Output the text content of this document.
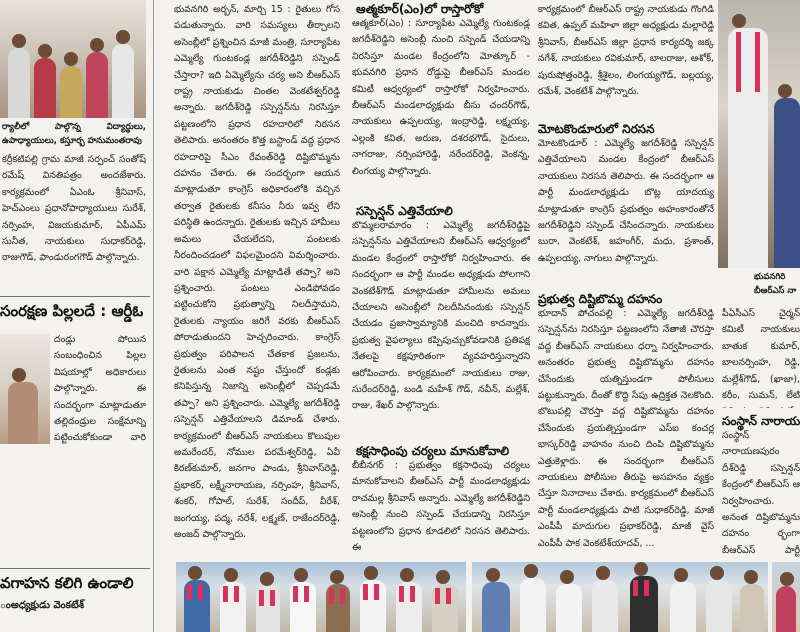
ర్యాలీలో పాల్గొన్న విద్యార్థులు, ఉపాధ్యాయులు, కస్తూర్బ హనుమంతరావు

కర్రీకటిపల్లి గ్రామ మాజీ సర్పంచ్ సంతోష్ రమేష్ వినతిపత్రం అందజేశారు. కార్యక్రమంలో ఏఎంఓ శ్రీనివాస్, హెచ్ఎంలు ప్రధానోపాధ్యాయులు సురేశ్, నర్సింహ, విజయకుమార్, ఏపీఎమ్ సునీత, నాయకులు సుధాకర్‌రెడ్డి, రాజుగౌడ్, పాండురంగగౌడ్ పాల్గొన్నారు.

సంరక్షణ పిల్లలదే : ఆర్డీఓ

దండ్లు పోయిన సంబంధించిన పిల్లల విషయాల్లో అధికారులు పాల్గొన్నారు. ఈ సందర్భంగా మాట్లాడుతూ తల్లిదండ్రుల సంక్షేమాన్ని పట్టించుకోకుండా వారి

వగాహన కలిగి ఉండాలి
ంఅధ్యక్షుడు వెంకటేశ్

భువనగిరి అర్బన్, మార్చి 15 : రైతులు గోస పడుతున్నారు. వారి సమస్యలు తీర్చాలని అసెంబ్లీలో ప్రశ్నించిన మాజీ మంత్రి, సూర్యాపేట ఎమ్మెల్యే గుంటకండ్ల జగదీశ్‌రెడ్డిని సస్పెండ్ చేస్తారా? ఇది ఏ‌మ్మెల్యేను చర్య అని బీఆర్ఎస్ రాష్ట్ర నాయకుడు చింతల వెంకటేశ్వర్‌రెడ్డి అన్నారు. జగదీశ్‌రెడ్డి సస్పెన్షన్‌ను నిరసిస్తూ పట్టణంలోని ప్రధాన రహదారిలో నిరసన తెలిపారు. అనంతరం కొత్త బస్టాండ్ వద్ద ప్రధాన రహదారిపై సీఎం రేవంత్‌రెడ్డి దిష్టిబొమ్మను దహనం చేశారు. ఈ సందర్భంగా ఆయన మాట్లాడుతూ కాంగ్రెస్ అధికారంలోకి వచ్చిన తర్వాత రైతులకు కనీసం నీరు ఇవ్వ లేని పరిస్థితి ఉందన్నారు. రైతులకు ఇచ్చిన హామీలు అమలు చేయలేదని, పంటలకు నీరందించడంలో విఫలమైందని విమర్శించారు. వారి పక్షాన ఎమ్మెల్యే మాట్లాడితే తప్పా? అని ప్రశ్నించారు. పంటలు ఎండిపోవడం పట్టించుకోని ప్రభుత్వాన్ని నిలదీస్తామని, రైతులకు న్యాయం జరిగే వరకు బీఆర్ఎస్ పోరాడుతుందని హెచ్చరించారు. కాంగ్రెస్ ప్రభుత్వం పరిపాలన చేతకాక ప్రజలను, రైతులను ఎంత నష్టం చేస్తుందో కండ్లకు కనిపిస్తున్న నిజాన్ని అసెంబ్లీలో చెప్పడమే తప్పా? అని ప్రశ్నించారు. ఎమ్మెల్యే జగదీశ్‌రెడ్డి సస్పెన్షన్ ఎత్తివేయాలని డిమాండ్ చేశారు. కార్యక్రమంలో బీఆర్ఎస్ నాయకులు కొలుపుల అమరేందర్, నోముల పరమేశ్వర్‌రెడ్డి, ఏవీ కిరణ్‌కుమార్, జనగాం పాండు, శ్రీనివాస్‌రెడ్డి, ప్రభాకర్, లక్ష్మీనారాయణ, నర్సింహ, శ్రీనివాస్, శంకర్, గోపాల్, సురేశ్, సందీప్, వీరేశ్, జంగయ్య, పద్మ, నరేశ్, లక్ష్మణ్, రాజేందర్‌రెడ్డి, అంజద్ పాల్గొన్నారు.

ఆత్మకూర్(ఎం)లో రాస్తారోకో

ఆత్మకూర్(ఎం) : సూర్యాపేట ఎమ్మెల్యే గుంటకండ్ల జగదీశ్‌రెడ్డిని అసెంబ్లీ నుంచి సస్పెండ్ చేయడాన్ని నిరసిస్తూ మండల కేంద్రంలోని మోత్కూర్ - భువనగిరి ప్రధాన రోడ్డుపై బీఆర్ఎస్ మండల కమిటీ ఆధ్వర్యంలో రాస్తారోకో నిర్వహించారు. బీఆర్ఎస్ మండలాధ్యక్షుడు బీసు చందర్‌గౌడ్, నాయకులు ఉప్పలయ్య, ఇంద్రారెడ్డి, లక్ష్మయ్య, ఎల్లంకి కవిత, అరుణ, దశరథగౌడ్, సైదులు, నాగరాజు, నర్సింహారెడ్డి, నరేందర్‌రెడ్డి, వెంకన్న, లింగయ్య పాల్గొన్నారు.

సస్పెన్షన్ ఎత్తివేయాలి

బొమ్మలరామారం : ఎమ్మెల్యే జగదీశ్‌రెడ్డిపై సస్పెన్షన్‌ను ఎత్తివేయాలని బీఆర్ఎస్ ఆధ్వర్యంలో మండల కేంద్రంలో రాస్తారోకో నిర్వహించారు. ఈ సందర్భంగా ఆ పార్టీ మండల అధ్యక్షుడు పోలగాని వెంకటేశ్‌గౌడ్ మాట్లాడుతూ హామీలను అమలు చేయాలని అసెంబ్లీలో నిలదీసినందుకు సస్పెన్షన్ చేయడం ప్రజాస్వామ్యానికి మంచిది కాదన్నారు. ప్రభుత్వ వైఫల్యాలు కప్పిపుచ్చుకోవడానికి ప్రతిపక్ష నేతలపై కక్షపూరితంగా వ్యవహరిస్తున్నారని ఆరోపించారు. కార్యక్రమంలో నాయకులు రాజు, సురేందర్‌రెడ్డి, బండి మహేశ్ గౌడ్, నవీన్, మల్లేశ్, రాజు, శేఖర్ పాల్గొన్నారు.

కక్షసాధింపు చర్యలు మానుకోవాలి

బీబీనగర్ : ప్రభుత్వం కక్షసాధింపు చర్యలు మానుకోవాలని బీఆర్ఎస్ పార్టీ మండలాధ్యక్షుడు రాచమల్ల శ్రీనివాస్ అన్నారు. ఎమ్మెల్యే జగదీశ్‌రెడ్డిని అసెంబ్లీ నుంచి సస్పెండ్ చేయడాన్ని నిరసిస్తూ పట్టణంలోని ప్రధాన కూడలిలో నిరసన తెలిపారు. ఈ

కార్యక్రమంలో బీఆర్ఎస్ రాష్ట్ర నాయకుడు గొంగిడి కవిత, ఉప్పల్ మహిళా జిల్లా అధ్యక్షుడు మల్లారెడ్డి శ్రీనివాస్, బీఆర్ఎస్ జిల్లా ప్రధాన కార్యదర్శి జక్క నగేశ్, నాయకులు రవికుమార్, బాలరాజు, ఆశోక్, పురుషోత్తంరెడ్డి, శ్రీశైలం, లింగయ్యగౌడ్, బల్లయ్య, రమేశ్, వెంకటేశ్ పాల్గొన్నారు.

మోటకొండూరులో నిరసన

మోటకొండూర్ : ఎమ్మెల్యే జగదీశ్‌రెడ్డి సస్పెన్షన్ ఎత్తివేయాలని మండల కేంద్రంలో బీఆర్ఎస్ నాయకులు నిరసన తెలిపారు. ఈ సందర్భంగా ఆ పార్టీ మండలాధ్యక్షుడు బొట్ల యాదయ్య మాట్లాడుతూ కాంగ్రెస్ ప్రభుత్వం అహంకారంతోనే జగదీశ్‌రెడ్డిని సస్పెండ్ చేసిందన్నారు. నాయకులు బురా, వెంకటేశ్, జహంగీర్, మధు, ప్రశాంత్, ఉప్పలయ్య, నాగులు పాల్గొన్నారు.

ప్రభుత్వ దిష్టిబొమ్మ దహనం

భూదాన్ పోచంపల్లి : ఎమ్మెల్యే జగదీశ్‌రెడ్డి సస్పెన్షన్‌ను నిరసిస్తూ పట్టణంలోని నేతాజీ చౌరస్తా వద్ద బీఆర్ఎస్ నాయకులు ధర్నా నిర్వహించారు. అనంతరం ప్రభుత్వ దిష్టిబొమ్మను దహనం చేసేందుకు యత్నిస్తుండగా పోలీసులు పట్టుకున్నారు. దీంతో కొద్ది సేపు ఉద్రిక్తత నెలకొంది. బొటుపల్లి చౌరస్తా వద్ద దిష్టిబొమ్మను దహనం చేసేందుకు ప్రయత్నిస్తుండగా ఎస్ఐ కంచర్ల భాస్కర్‌రెడ్డి వాహనం నుంచి దింపి దిష్టిబొమ్మను ఎత్తుకెళ్లారు. ఈ సందర్భంగా బీఆర్ఎస్ నాయకులు పోలీసుల తీరుపై అసహనం వ్యక్తం చేస్తూ నినాదాలు చేశారు. కార్యక్రమంలో బీఆర్ఎస్ పార్టీ మండలాధ్యక్షుడు పాటి సుధాకర్‌రెడ్డి, మాజీ ఎంపీపీ మాదుగుల ప్రభాకర్‌రెడ్డి, మాజీ వైస్ ఎంపీపీ పాక వెంకటేశ్‌యాదవ్, ...

భువనగిరి బీఆర్ఎస్ నా

పీఏసీఎస్ చైర్మన్ కమిటీ నాయకులు బాతుక కుమార్, బాలనర్సింహ, రెడ్డి, మల్లేశ్‌గౌడ్, (ఖాజా), కరీం, సుమన్, లేటి

సంస్థాన్ నారాయ

సంస్థాన్ నారాయణపురం దీశ్‌రెడ్డి సస్పెన్షన్‌ కేంద్రంలో బీఆర్ఎస్ ఆ నిర్వహించారు. అనంత దిష్టిబొమ్మను దహనం ర్భంగా బీఆర్ఎస్ పార్టీ
